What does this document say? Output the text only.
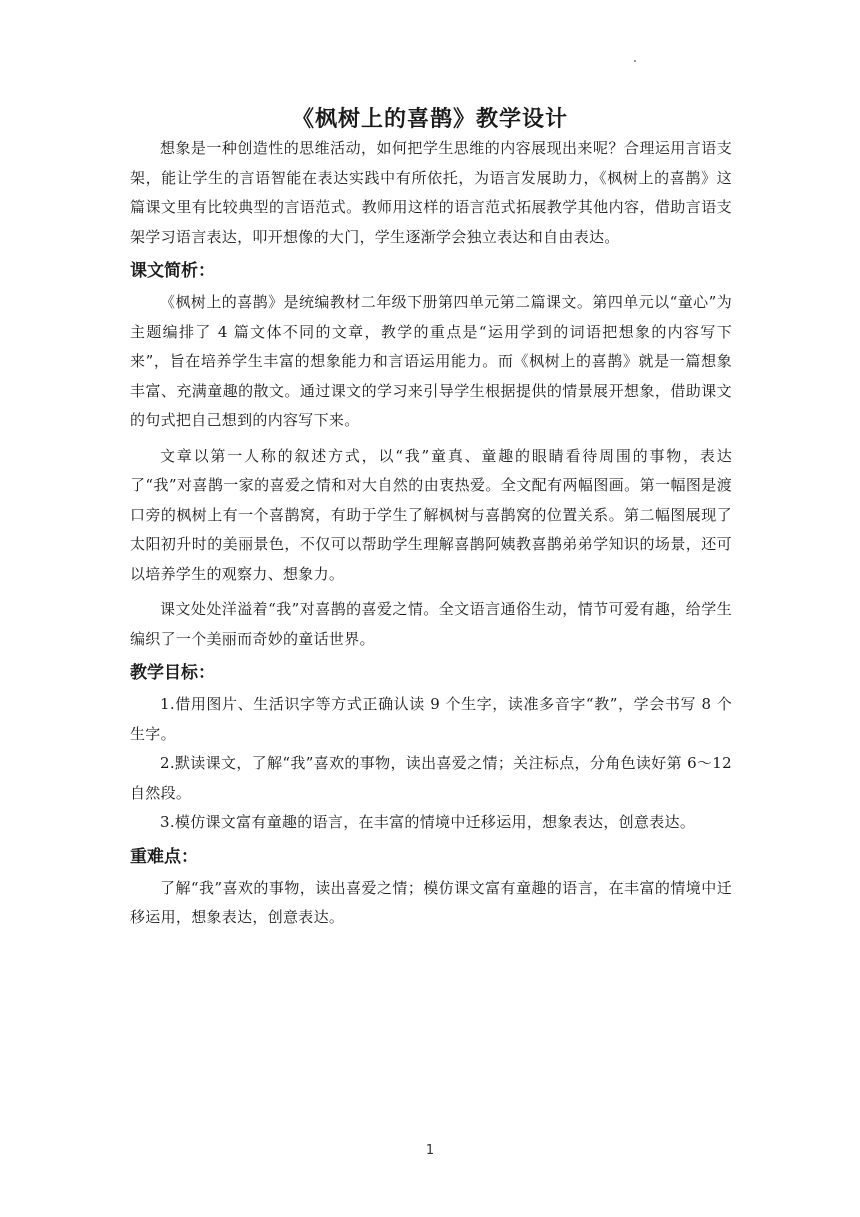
《枫树上的喜鹊》教学设计

想象是一种创造性的思维活动，如何把学生思维的内容展现出来呢？合理运用言语支架，能让学生的言语智能在表达实践中有所依托，为语言发展助力，《枫树上的喜鹊》这篇课文里有比较典型的言语范式。教师用这样的语言范式拓展教学其他内容，借助言语支架学习语言表达，叩开想像的大门，学生逐渐学会独立表达和自由表达。

课文简析：

《枫树上的喜鹊》是统编教材二年级下册第四单元第二篇课文。第四单元以“童心”为主题编排了 4 篇文体不同的文章，教学的重点是“运用学到的词语把想象的内容写下来”，旨在培养学生丰富的想象能力和言语运用能力。而《枫树上的喜鹊》就是一篇想象丰富、充满童趣的散文。通过课文的学习来引导学生根据提供的情景展开想象，借助课文的句式把自己想到的内容写下来。

文章以第一人称的叙述方式，以“我”童真、童趣的眼睛看待周围的事物，表达了“我”对喜鹊一家的喜爱之情和对大自然的由衷热爱。全文配有两幅图画。第一幅图是渡口旁的枫树上有一个喜鹊窝，有助于学生了解枫树与喜鹊窝的位置关系。第二幅图展现了太阳初升时的美丽景色，不仅可以帮助学生理解喜鹊阿姨教喜鹊弟弟学知识的场景，还可以培养学生的观察力、想象力。

课文处处洋溢着“我”对喜鹊的喜爱之情。全文语言通俗生动，情节可爱有趣，给学生编织了一个美丽而奇妙的童话世界。

教学目标：

1.借用图片、生活识字等方式正确认读 9 个生字，读准多音字“教”，学会书写 8 个生字。

2.默读课文，了解“我”喜欢的事物，读出喜爱之情；关注标点，分角色读好第 6～12 自然段。

3.模仿课文富有童趣的语言，在丰富的情境中迁移运用，想象表达，创意表达。

重难点：

了解“我”喜欢的事物，读出喜爱之情；模仿课文富有童趣的语言，在丰富的情境中迁移运用，想象表达，创意表达。

1
